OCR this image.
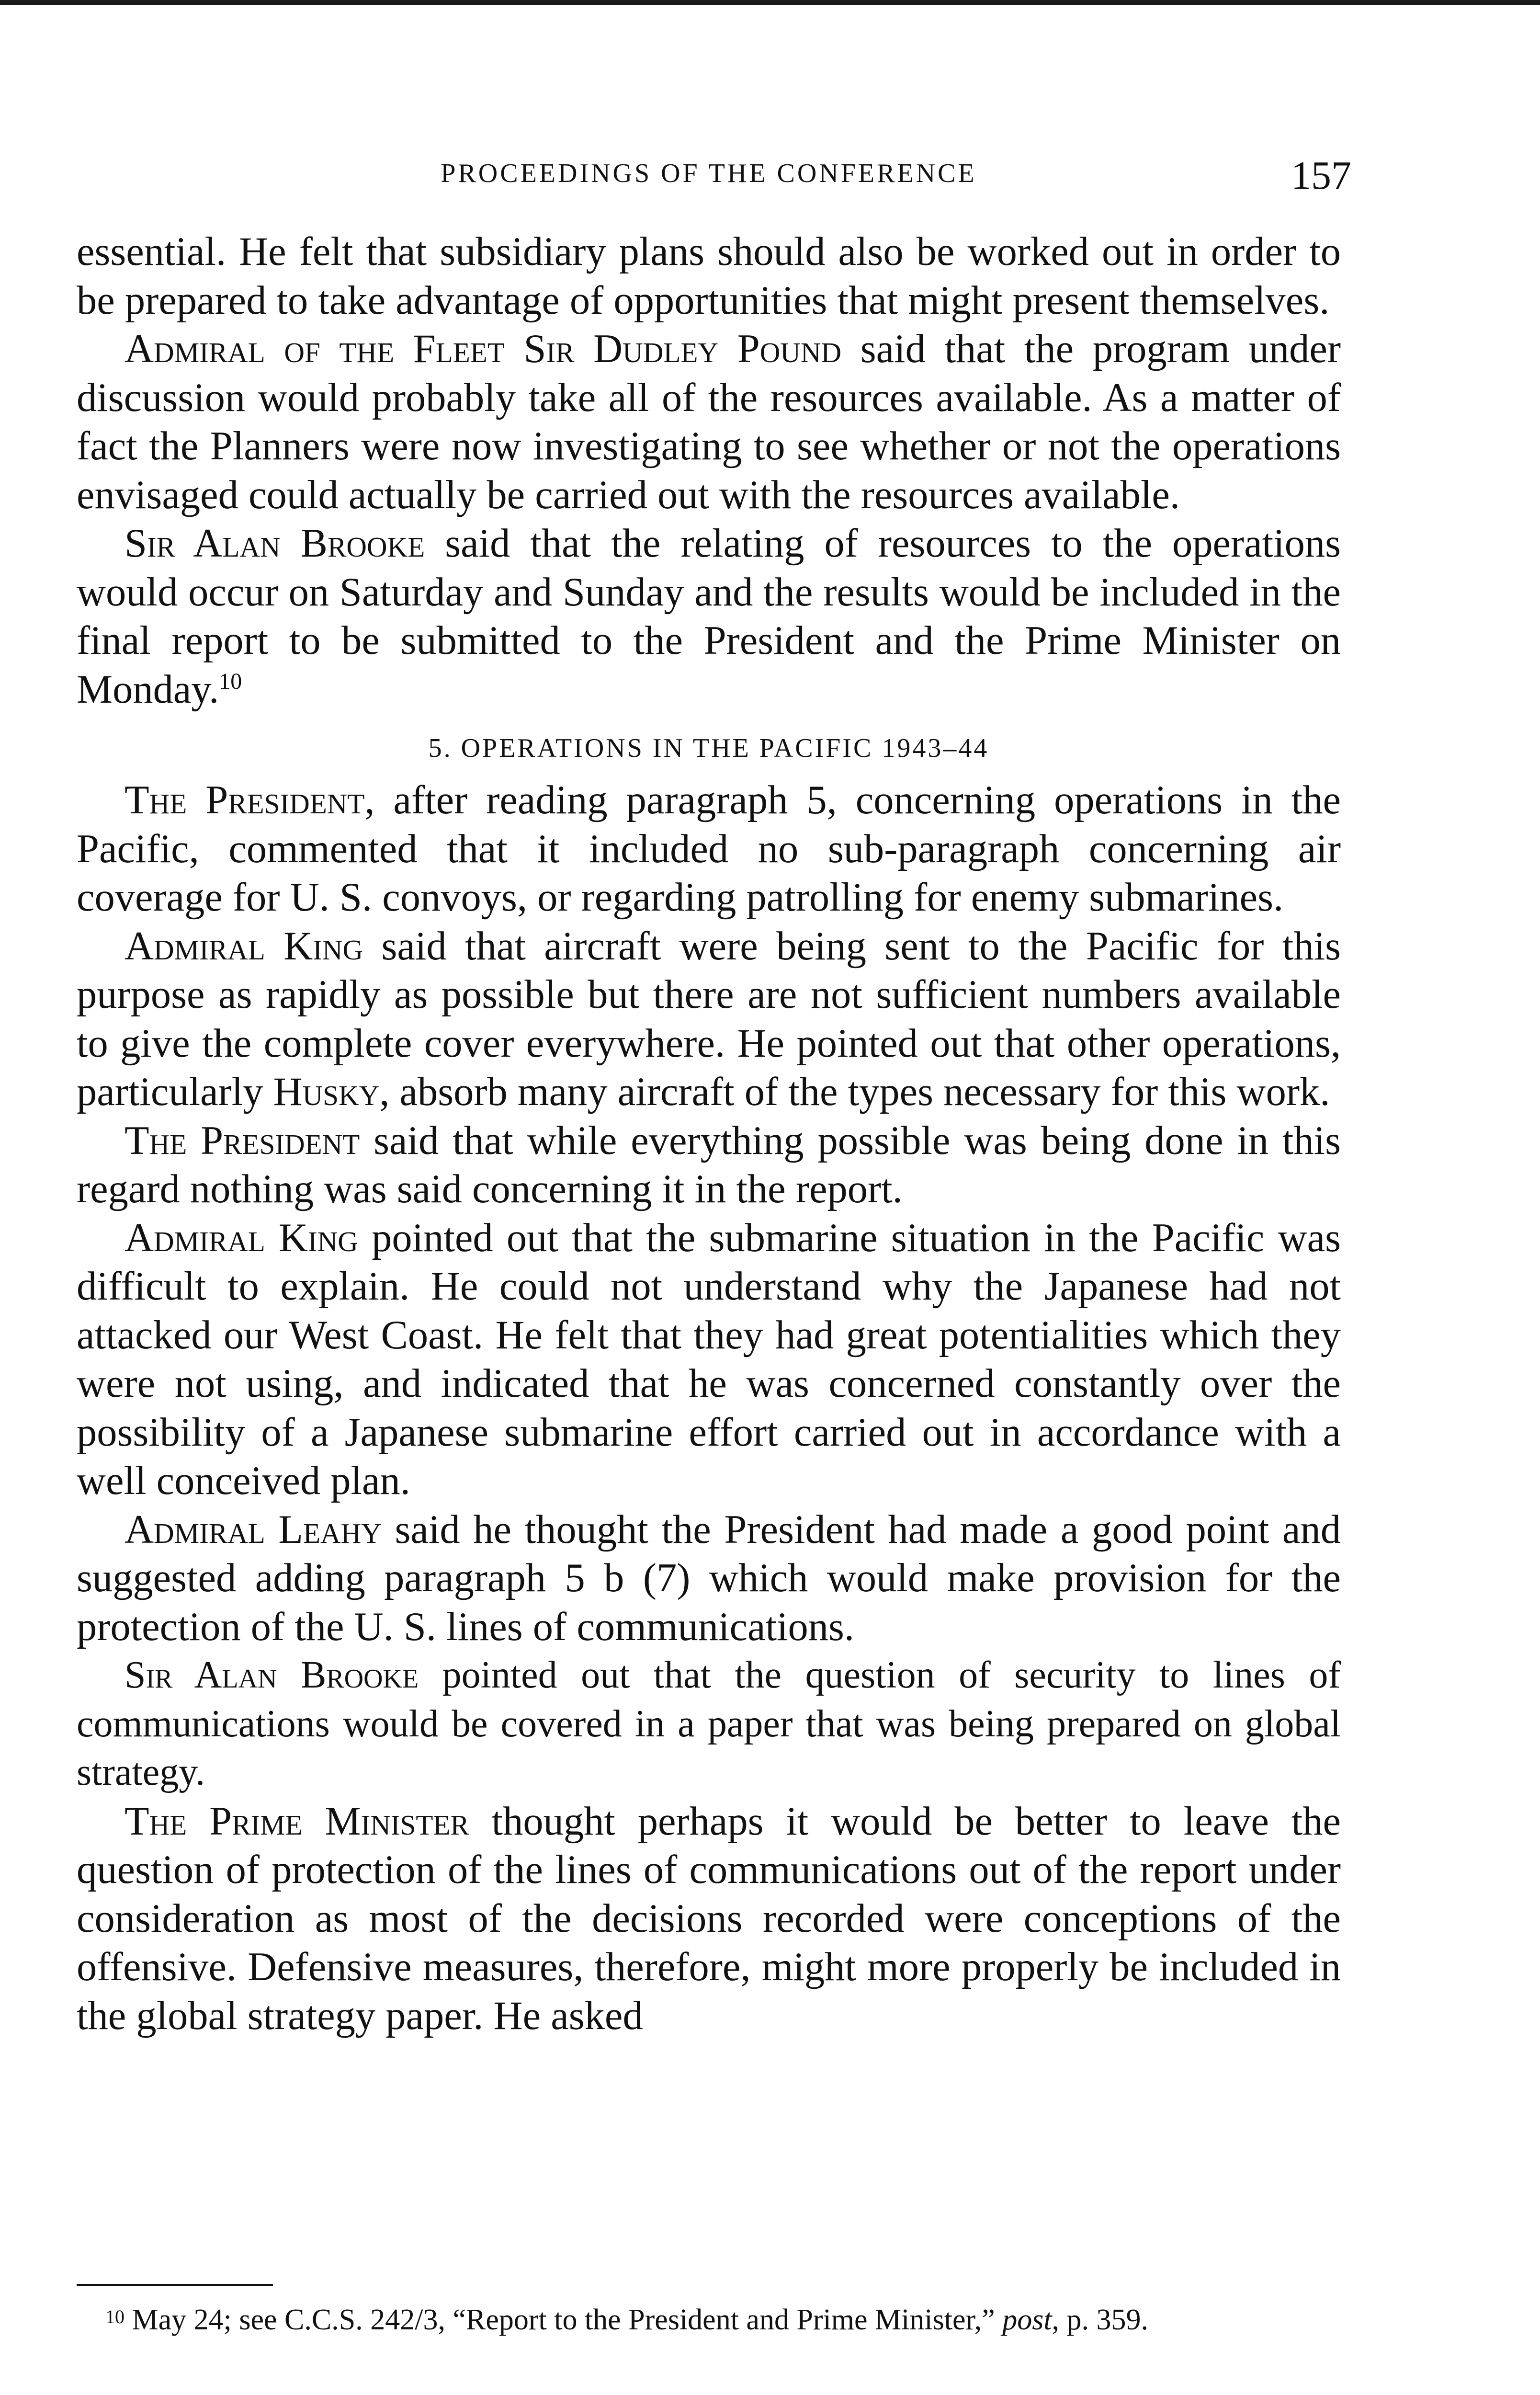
PROCEEDINGS OF THE CONFERENCE	157

essential. He felt that subsidiary plans should also be worked out in order to be prepared to take advantage of opportunities that might present themselves.

Admiral of the Fleet Sir Dudley Pound said that the program under discussion would probably take all of the resources available. As a matter of fact the Planners were now investigating to see whether or not the operations envisaged could actually be carried out with the resources available.

Sir Alan Brooke said that the relating of resources to the operations would occur on Saturday and Sunday and the results would be included in the final report to be submitted to the President and the Prime Minister on Monday.$^{10}$

5. OPERATIONS IN THE PACIFIC 1943–44

The President, after reading paragraph 5, concerning operations in the Pacific, commented that it included no sub-paragraph concerning air coverage for U. S. convoys, or regarding patrolling for enemy submarines.

Admiral King said that aircraft were being sent to the Pacific for this purpose as rapidly as possible but there are not sufficient numbers available to give the complete cover everywhere. He pointed out that other operations, particularly Husky, absorb many aircraft of the types necessary for this work.

The President said that while everything possible was being done in this regard nothing was said concerning it in the report.

Admiral King pointed out that the submarine situation in the Pacific was difficult to explain. He could not understand why the Japanese had not attacked our West Coast. He felt that they had great potentialities which they were not using, and indicated that he was concerned constantly over the possibility of a Japanese submarine effort carried out in accordance with a well conceived plan.

Admiral Leahy said he thought the President had made a good point and suggested adding paragraph 5 b (7) which would make provision for the protection of the U. S. lines of communications.

Sir Alan Brooke pointed out that the question of security to lines of communications would be covered in a paper that was being prepared on global strategy.

The Prime Minister thought perhaps it would be better to leave the question of protection of the lines of communications out of the report under consideration as most of the decisions recorded were conceptions of the offensive. Defensive measures, therefore, might more properly be included in the global strategy paper. He asked

$^{10}$ May 24; see C.C.S. 242/3, “Report to the President and Prime Minister,” post, p. 359.
